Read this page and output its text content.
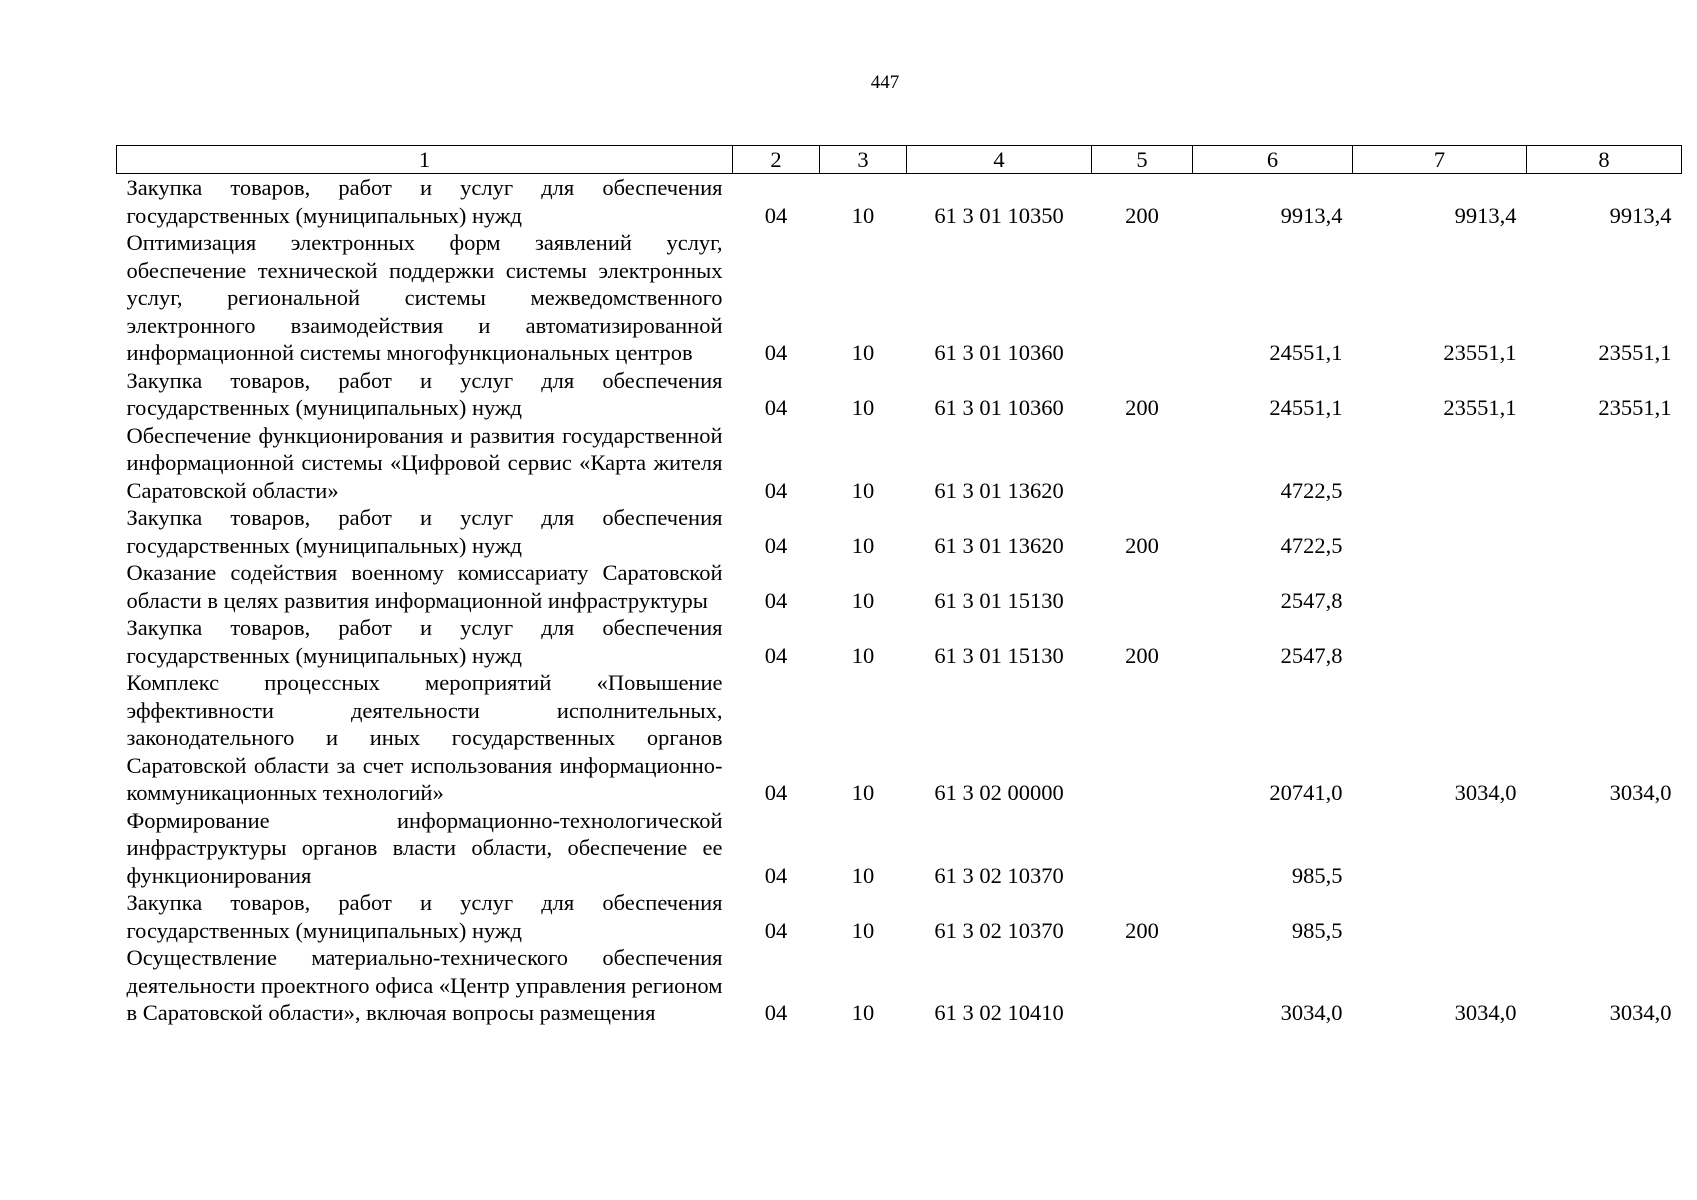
447
1	2	3	4	5	6	7	8
Закупка товаров, работ и услуг для обеспечения государственных (муниципальных) нужд	04	10	61 3 01 10350	200	9913,4	9913,4	9913,4
Оптимизация электронных форм заявлений услуг, обеспечение технической поддержки системы электронных услуг, региональной системы межведомственного электронного взаимодействия и автоматизированной информационной системы многофункциональных центров	04	10	61 3 01 10360		24551,1	23551,1	23551,1
Закупка товаров, работ и услуг для обеспечения государственных (муниципальных) нужд	04	10	61 3 01 10360	200	24551,1	23551,1	23551,1
Обеспечение функционирования и развития государственной информационной системы «Цифровой сервис «Карта жителя Саратовской области»	04	10	61 3 01 13620		4722,5		
Закупка товаров, работ и услуг для обеспечения государственных (муниципальных) нужд	04	10	61 3 01 13620	200	4722,5		
Оказание содействия военному комиссариату Саратовской области в целях развития информационной инфраструктуры	04	10	61 3 01 15130		2547,8		
Закупка товаров, работ и услуг для обеспечения государственных (муниципальных) нужд	04	10	61 3 01 15130	200	2547,8		
Комплекс процессных мероприятий «Повышение эффективности деятельности исполнительных, законодательного и иных государственных органов Саратовской области за счет использования информационно-коммуникационных технологий»	04	10	61 3 02 00000		20741,0	3034,0	3034,0
Формирование информационно-технологической инфраструктуры органов власти области, обеспечение ее функционирования	04	10	61 3 02 10370		985,5		
Закупка товаров, работ и услуг для обеспечения государственных (муниципальных) нужд	04	10	61 3 02 10370	200	985,5		
Осуществление материально-технического обеспечения деятельности проектного офиса «Центр управления регионом в Саратовской области», включая вопросы размещения	04	10	61 3 02 10410		3034,0	3034,0	3034,0
